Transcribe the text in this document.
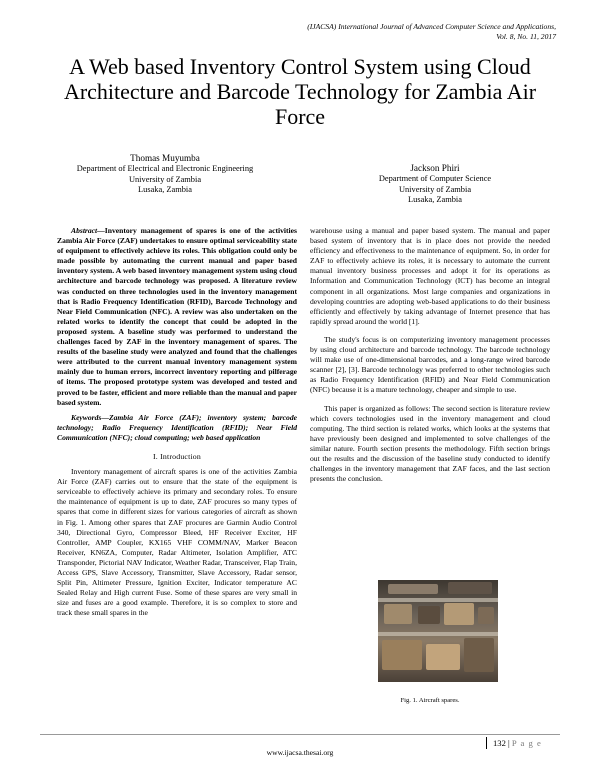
(IJACSA) International Journal of Advanced Computer Science and Applications,
Vol. 8, No. 11, 2017
A Web based Inventory Control System using Cloud Architecture and Barcode Technology for Zambia Air Force
Thomas Muyumba
Department of Electrical and Electronic Engineering
University of Zambia
Lusaka, Zambia
Jackson Phiri
Department of Computer Science
University of Zambia
Lusaka, Zambia

Abstract—Inventory management of spares is one of the activities Zambia Air Force (ZAF) undertakes to ensure optimal serviceability state of equipment to effectively achieve its roles. This obligation could only be made possible by automating the current manual and paper based inventory system. A web based inventory management system using cloud architecture and barcode technology was proposed. A literature review was conducted on three technologies used in the inventory management that is Radio Frequency Identification (RFID), Barcode Technology and Near Field Communication (NFC). A review was also undertaken on the related works to identify the concept that could be adopted in the proposed system. A baseline study was performed to understand the challenges faced by ZAF in the inventory management of spares. The results of the baseline study were analyzed and found that the challenges were attributed to the current manual inventory management system mainly due to human errors, incorrect inventory reporting and pilferage of items. The proposed prototype system was developed and tested and proved to be faster, efficient and more reliable than the manual and paper based system.

Keywords—Zambia Air Force (ZAF); inventory system; barcode technology; Radio Frequency Identification (RFID); Near Field Communication (NFC); cloud computing; web based application

I. Introduction

Inventory management of aircraft spares is one of the activities Zambia Air Force (ZAF) carries out to ensure that the state of the equipment is serviceable to effectively achieve its primary and secondary roles. To ensure the maintenance of equipment is up to date, ZAF procures so many types of spares that come in different sizes for various categories of aircraft as shown in Fig. 1. Among other spares that ZAF procures are Garmin Audio Control 340, Directional Gyro, Compressor Bleed, HF Receiver Exciter, HF Controller, AMP Coupler, KX165 VHF COMM/NAV, Marker Beacon Receiver, KN6ZA, Computer, Radar Altimeter, Isolation Amplifier, ATC Transponder, Pictorial NAV Indicator, Weather Radar, Transceiver, Flap Train, Access GPS, Slave Accessory, Transmitter, Slave Accessory, Radar sensor, Split Pin, Altimeter Pressure, Ignition Exciter, Indicator temperature AC Sealed Relay and High current Fuse. Some of these spares are very small in size and fuses are a good example. Therefore, it is so complex to store and track these small spares in the

warehouse using a manual and paper based system. The manual and paper based system of inventory that is in place does not provide the needed efficiency and effectiveness to the maintenance of equipment. So, in order for ZAF to effectively achieve its roles, it is necessary to automate the current manual inventory business processes and adopt it for its operations as Information and Communication Technology (ICT) has become an integral component in all organizations. Most large companies and organizations in developing countries are adopting web-based applications to do their business efficiently and effectively by taking advantage of Internet presence that has rapidly spread around the world [1].

The study's focus is on computerizing inventory management processes by using cloud architecture and barcode technology. The barcode technology will make use of one-dimensional barcodes, and a long-range wired barcode scanner [2], [3]. Barcode technology was preferred to other technologies such as Radio Frequency Identification (RFID) and Near Field Communication (NFC) because it is a mature technology, cheaper and simple to use.

This paper is organized as follows: The second section is literature review which covers technologies used in the inventory management and cloud computing. The third section is related works, which looks at the systems that have previously been designed and implemented to solve challenges of the similar nature. Fourth section presents the methodology. Fifth section brings out the results and the discussion of the baseline study conducted to identify challenges in the inventory management that ZAF faces, and the last section presents the conclusion.

Fig. 1. Aircraft spares.
132 | P a g e
www.ijacsa.thesai.org
